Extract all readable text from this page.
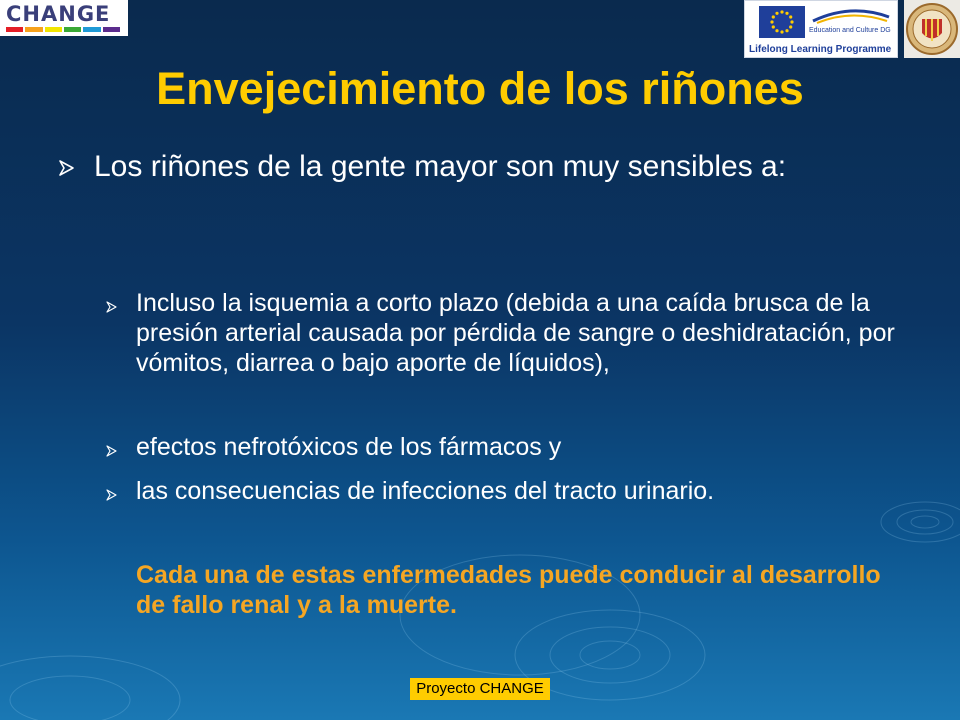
CHANGE
Education and Culture DG
Lifelong Learning Programme
Envejecimiento de los riñones
Los riñones de la gente mayor son muy sensibles a:
Incluso la isquemia a corto plazo (debida a una caída brusca de la presión arterial causada por pérdida de sangre o deshidratación, por vómitos, diarrea o bajo aporte de líquidos),
efectos nefrotóxicos de los fármacos y
las consecuencias de infecciones del tracto urinario.
Cada una de estas enfermedades puede conducir al desarrollo de fallo renal y a la muerte.
Proyecto CHANGE
